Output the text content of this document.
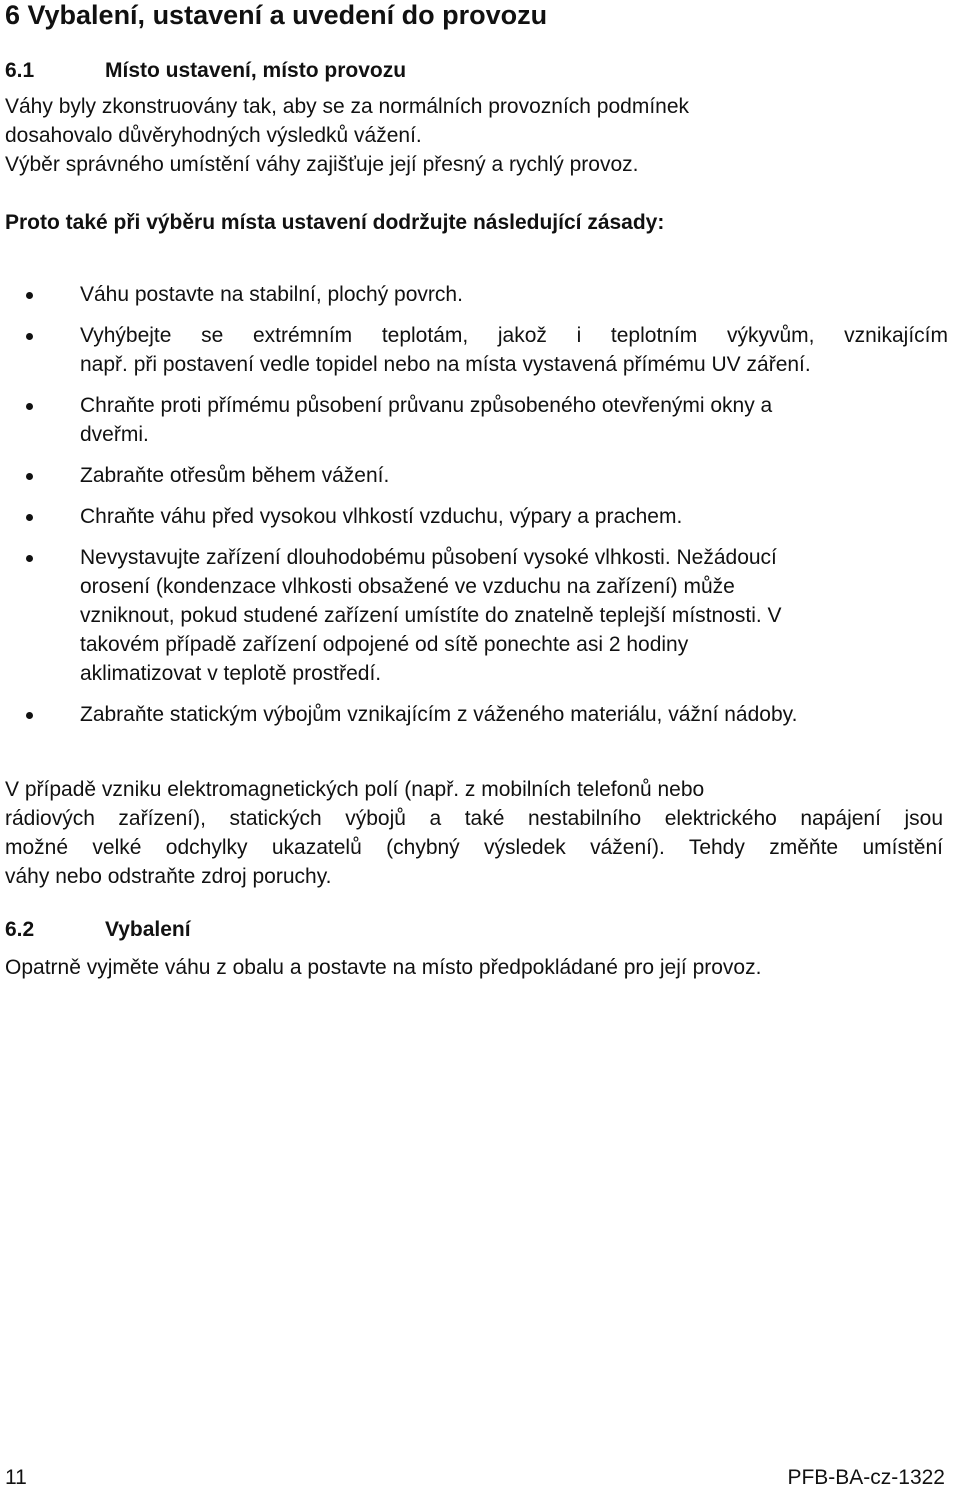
6 Vybalení, ustavení a uvedení do provozu
6.1	Místo ustavení, místo provozu
Váhy byly zkonstruovány tak, aby se za normálních provozních podmínek
dosahovalo důvěryhodných výsledků vážení.
Výběr správného umístění váhy zajišťuje její přesný a rychlý provoz.
Proto také při výběru místa ustavení dodržujte následující zásady:
Váhu postavte na stabilní, plochý povrch.
Vyhýbejte se extrémním teplotám, jakož i teplotním výkyvům, vznikajícím
např. při postavení vedle topidel nebo na místa vystavená přímému UV záření.
Chraňte proti přímému působení průvanu způsobeného otevřenými okny a
dveřmi.
Zabraňte otřesům během vážení.
Chraňte váhu před vysokou vlhkostí vzduchu, výpary a prachem.
Nevystavujte zařízení dlouhodobému působení vysoké vlhkosti. Nežádoucí
orosení (kondenzace vlhkosti obsažené ve vzduchu na zařízení) může
vzniknout, pokud studené zařízení umístíte do znatelně teplejší místnosti. V
takovém případě zařízení odpojené od sítě ponechte asi 2 hodiny
aklimatizovat v teplotě prostředí.
Zabraňte statickým výbojům vznikajícím z váženého materiálu, vážní nádoby.
V případě vzniku elektromagnetických polí (např. z mobilních telefonů nebo
rádiových zařízení), statických výbojů a také nestabilního elektrického napájení jsou
možné velké odchylky ukazatelů (chybný výsledek vážení). Tehdy změňte umístění
váhy nebo odstraňte zdroj poruchy.
6.2	Vybalení
Opatrně vyjměte váhu z obalu a postavte na místo předpokládané pro její provoz.
11	PFB-BA-cz-1322
